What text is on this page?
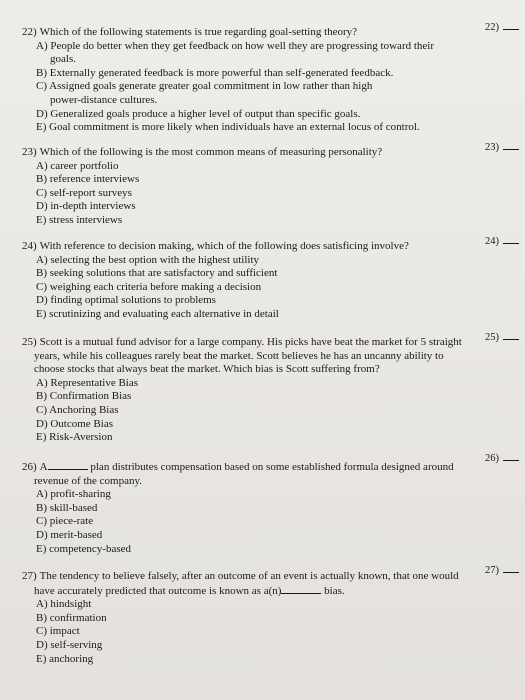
22) Which of the following statements is true regarding goal-setting theory?

A) People do better when they get feedback on how well they are progressing toward their
goals.
B) Externally generated feedback is more powerful than self-generated feedback.
C) Assigned goals generate greater goal commitment in low rather than high
power-distance cultures.
D) Generalized goals produce a higher level of output than specific goals.
E) Goal commitment is more likely when individuals have an external locus of control.
22)

23) Which of the following is the most common means of measuring personality?

A) career portfolio
B) reference interviews
C) self-report surveys
D) in-depth interviews
E) stress interviews
23)

24) With reference to decision making, which of the following does satisficing involve?

A) selecting the best option with the highest utility
B) seeking solutions that are satisfactory and sufficient
C) weighing each criteria before making a decision
D) finding optimal solutions to problems
E) scrutinizing and evaluating each alternative in detail
24)

25) Scott is a mutual fund advisor for a large company. His picks have beat the market for 5 straight
years, while his colleagues rarely beat the market. Scott believes he has an uncanny ability to
choose stocks that always beat the market. Which bias is Scott suffering from?

A) Representative Bias
B) Confirmation Bias
C) Anchoring Bias
D) Outcome Bias
E) Risk-Aversion
25)

26) A	plan distributes compensation based on some established formula designed around
revenue of the company.

A) profit-sharing
B) skill-based
C) piece-rate
D) merit-based
E) competency-based
26)

27) The tendency to believe falsely, after an outcome of an event is actually known, that one would
have accurately predicted that outcome is known as a(n)	bias.

A) hindsight
B) confirmation
C) impact
D) self-serving
E) anchoring
27)
